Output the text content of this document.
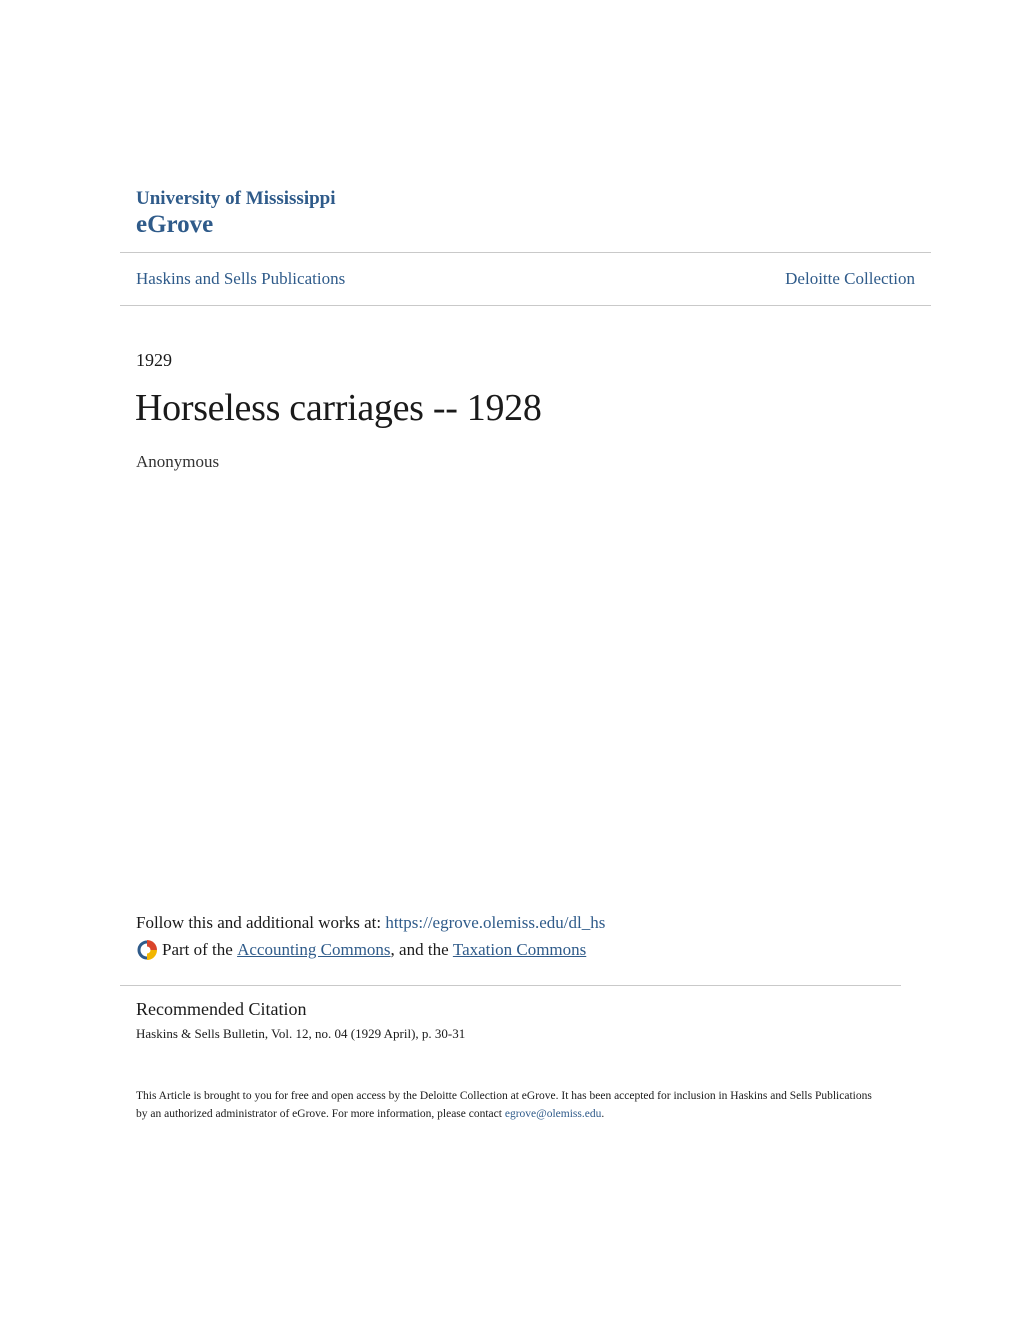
University of Mississippi
eGrove
Haskins and Sells Publications	Deloitte Collection
1929
Horseless carriages -- 1928
Anonymous
Follow this and additional works at: https://egrove.olemiss.edu/dl_hs
Part of the
Accounting Commons , and the
Taxation Commons
Recommended Citation
Haskins & Sells Bulletin, Vol. 12, no. 04 (1929 April), p. 30-31
This Article is brought to you for free and open access by the Deloitte Collection at eGrove. It has been accepted for inclusion in Haskins and Sells Publications by an authorized administrator of eGrove. For more information, please contact egrove@olemiss.edu.
